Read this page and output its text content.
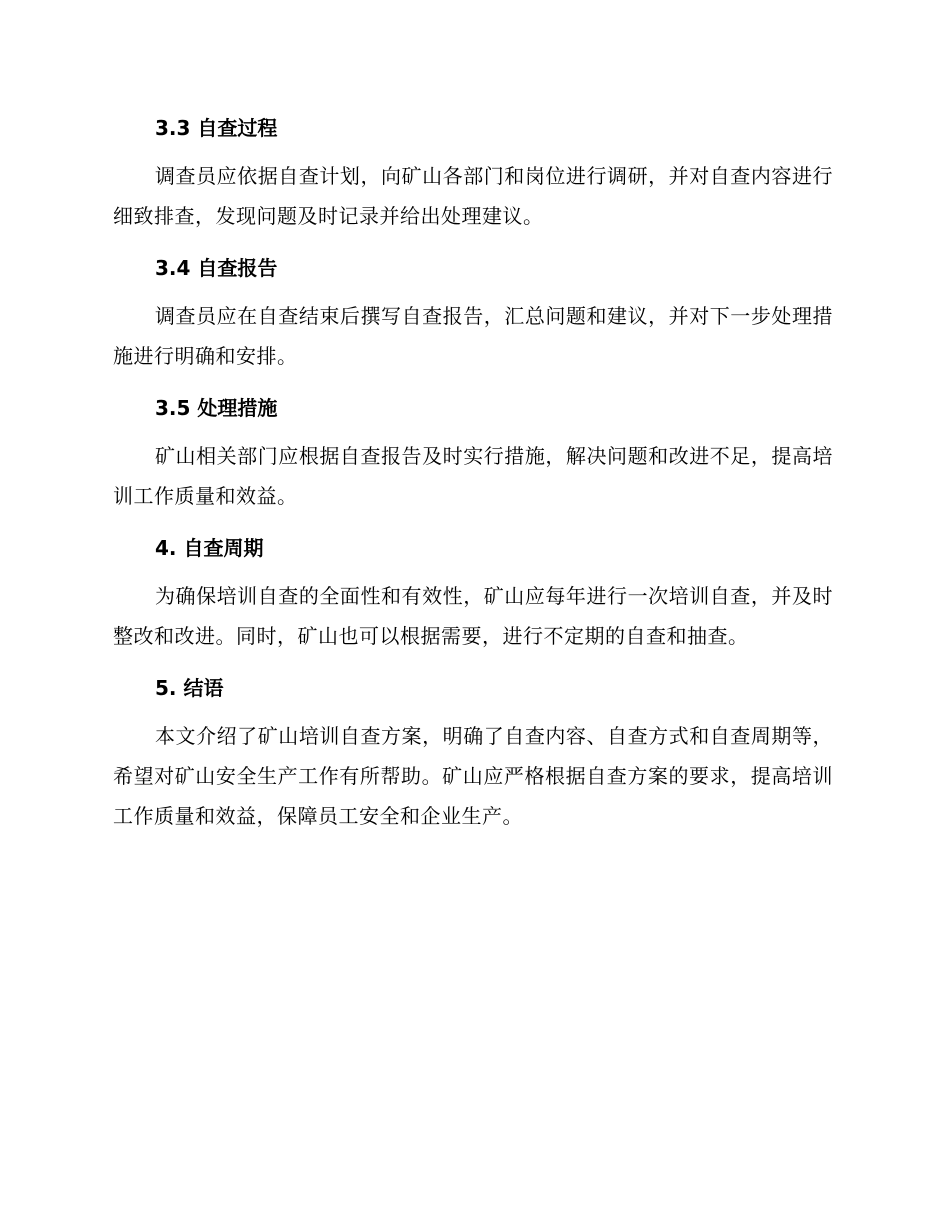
3.3 自查过程

调查员应依据自查计划，向矿山各部门和岗位进行调研，并对自查内容进行细致排查，发现问题及时记录并给出处理建议。

3.4 自查报告

调查员应在自查结束后撰写自查报告，汇总问题和建议，并对下一步处理措施进行明确和安排。

3.5 处理措施

矿山相关部门应根据自查报告及时实行措施，解决问题和改进不足，提高培训工作质量和效益。

4. 自查周期

为确保培训自查的全面性和有效性，矿山应每年进行一次培训自查，并及时整改和改进。同时，矿山也可以根据需要，进行不定期的自查和抽查。

5. 结语

本文介绍了矿山培训自查方案，明确了自查内容、自查方式和自查周期等，希望对矿山安全生产工作有所帮助。矿山应严格根据自查方案的要求，提高培训工作质量和效益，保障员工安全和企业生产。
